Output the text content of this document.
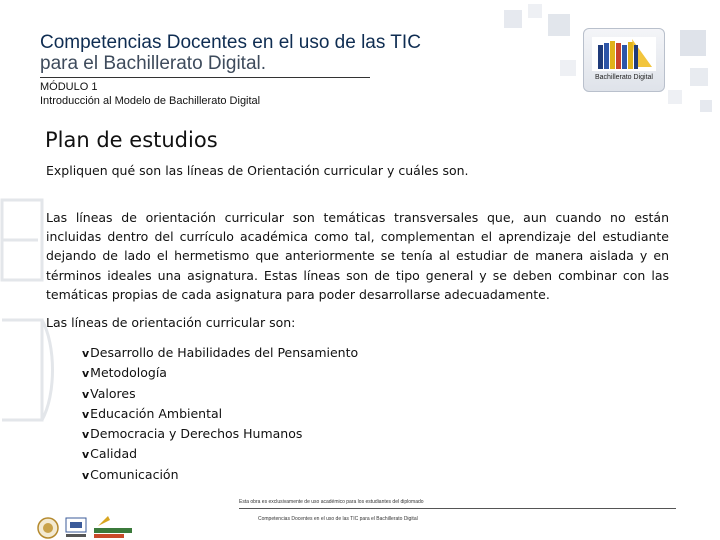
Competencias Docentes en el uso de las TIC
para el Bachillerato Digital.
MÓDULO 1
Introducción al Modelo de Bachillerato Digital
Bachillerato Digital
Plan de estudios
Expliquen qué son las líneas de Orientación curricular y cuáles son.
Las líneas de orientación curricular son temáticas transversales que, aun cuando no están incluidas dentro del currículo académica como tal, complementan el aprendizaje del estudiante dejando de lado el hermetismo que anteriormente se tenía al estudiar de manera aislada y en términos ideales una asignatura. Estas líneas son de tipo general y se deben combinar con las temáticas propias de cada asignatura para poder desarrollarse adecuadamente.
Las líneas de orientación curricular son:
vDesarrollo de Habilidades del Pensamiento
vMetodología
vValores
vEducación Ambiental
vDemocracia y Derechos Humanos
vCalidad
vComunicación
Esta obra es exclusivamente de uso académico para los estudiantes del diplomado
Competencias Docentes en el uso de las TIC para el Bachillerato Digital
